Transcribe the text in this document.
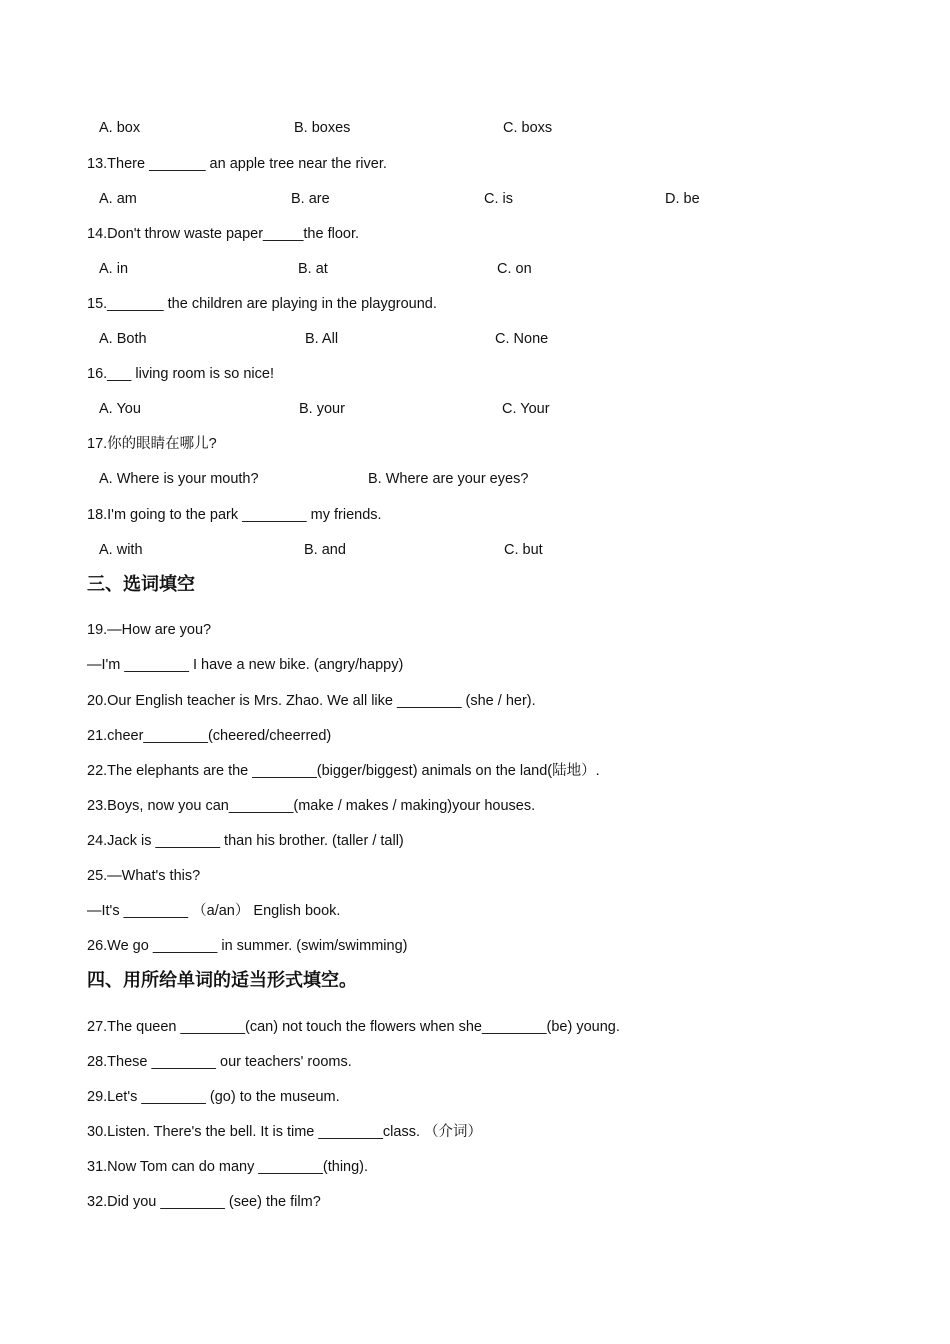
A. box	B. boxes	C. boxs
13.There _______ an apple tree near the river.
A. am	B. are	C. is	D. be
14.Don't throw waste paper_____the floor.
A. in	B. at	C. on
15._______ the children are playing in the playground.
A. Both	B. All	C. None
16.___ living room is so nice!
A. You	B. your	C. Your
17.你的眼睛在哪儿?
A. Where is your mouth?	B. Where are your eyes?
18.I'm going to the park ________ my friends.
A. with	B. and	C. but
三、选词填空
19.—How are you?
—I'm ________ I have a new bike. (angry/happy)
20.Our English teacher is Mrs. Zhao. We all like ________ (she / her).
21.cheer________(cheered/cheerred)
22.The elephants are the ________(bigger/biggest) animals on the land(陆地）.
23.Boys, now you can________(make / makes / making)your houses.
24.Jack is ________ than his brother. (taller / tall)
25.—What's this?
—It's ________ （a/an） English book.
26.We go ________ in summer. (swim/swimming)
四、用所给单词的适当形式填空。
27.The queen ________(can) not touch the flowers when she________(be) young.
28.These ________ our teachers' rooms.
29.Let's ________ (go) to the museum.
30.Listen. There's the bell. It is time ________class. （介词）
31.Now Tom can do many ________(thing).
32.Did you ________ (see) the film?
